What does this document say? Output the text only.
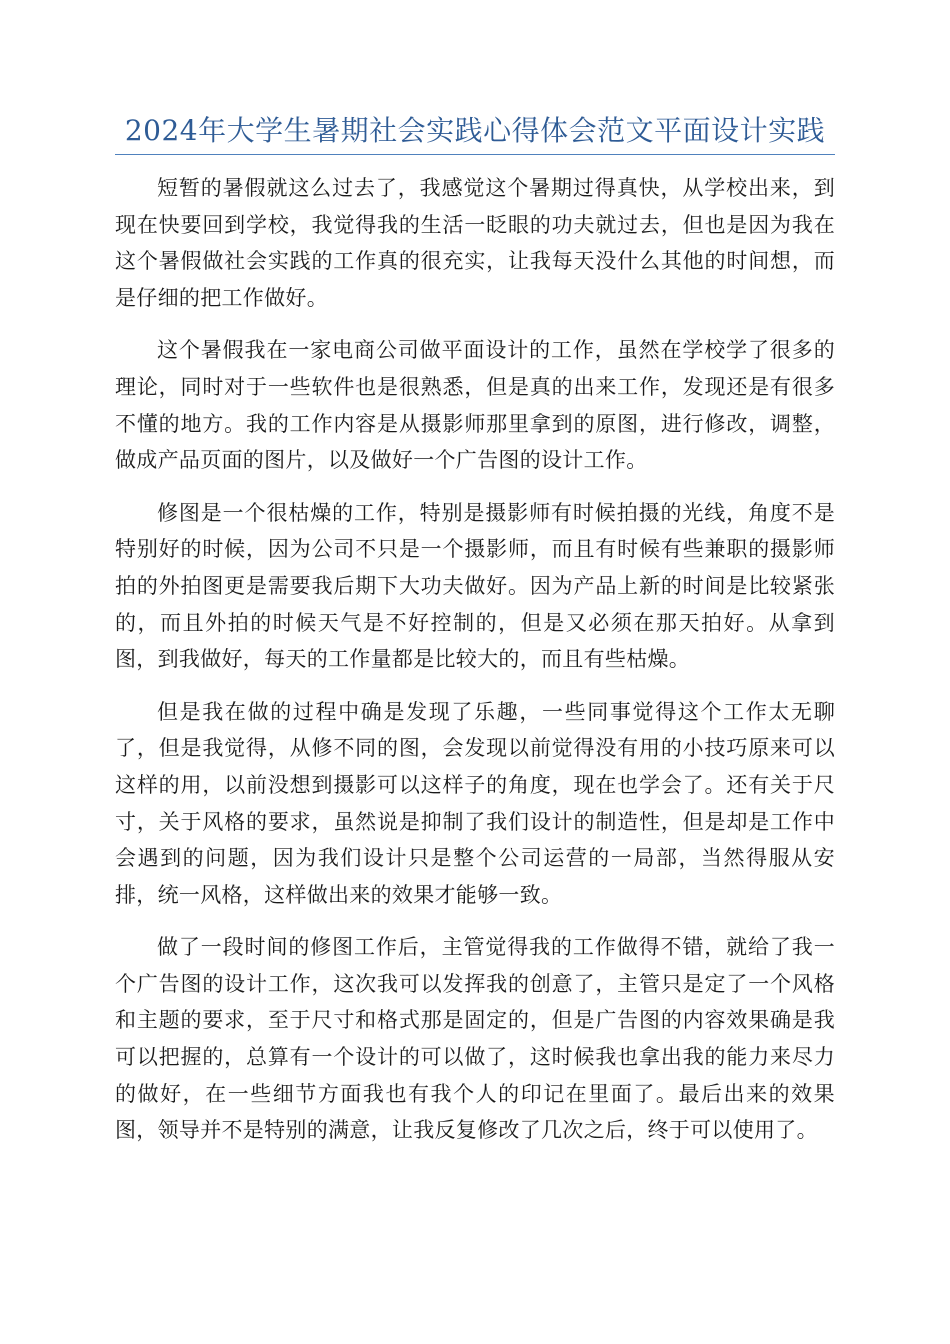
2024年大学生暑期社会实践心得体会范文平面设计实践

短暂的暑假就这么过去了，我感觉这个暑期过得真快，从学校出来，到现在快要回到学校，我觉得我的生活一眨眼的功夫就过去，但也是因为我在这个暑假做社会实践的工作真的很充实，让我每天没什么其他的时间想，而是仔细的把工作做好。

这个暑假我在一家电商公司做平面设计的工作，虽然在学校学了很多的理论，同时对于一些软件也是很熟悉，但是真的出来工作，发现还是有很多不懂的地方。我的工作内容是从摄影师那里拿到的原图，进行修改，调整，做成产品页面的图片，以及做好一个广告图的设计工作。

修图是一个很枯燥的工作，特别是摄影师有时候拍摄的光线，角度不是特别好的时候，因为公司不只是一个摄影师，而且有时候有些兼职的摄影师拍的外拍图更是需要我后期下大功夫做好。因为产品上新的时间是比较紧张的，而且外拍的时候天气是不好控制的，但是又必须在那天拍好。从拿到图，到我做好，每天的工作量都是比较大的，而且有些枯燥。

但是我在做的过程中确是发现了乐趣，一些同事觉得这个工作太无聊了，但是我觉得，从修不同的图，会发现以前觉得没有用的小技巧原来可以这样的用，以前没想到摄影可以这样子的角度，现在也学会了。还有关于尺寸，关于风格的要求，虽然说是抑制了我们设计的制造性，但是却是工作中会遇到的问题，因为我们设计只是整个公司运营的一局部，当然得服从安排，统一风格，这样做出来的效果才能够一致。

做了一段时间的修图工作后，主管觉得我的工作做得不错，就给了我一个广告图的设计工作，这次我可以发挥我的创意了，主管只是定了一个风格和主题的要求，至于尺寸和格式那是固定的，但是广告图的内容效果确是我可以把握的，总算有一个设计的可以做了，这时候我也拿出我的能力来尽力的做好，在一些细节方面我也有我个人的印记在里面了。最后出来的效果图，领导并不是特别的满意，让我反复修改了几次之后，终于可以使用了。
